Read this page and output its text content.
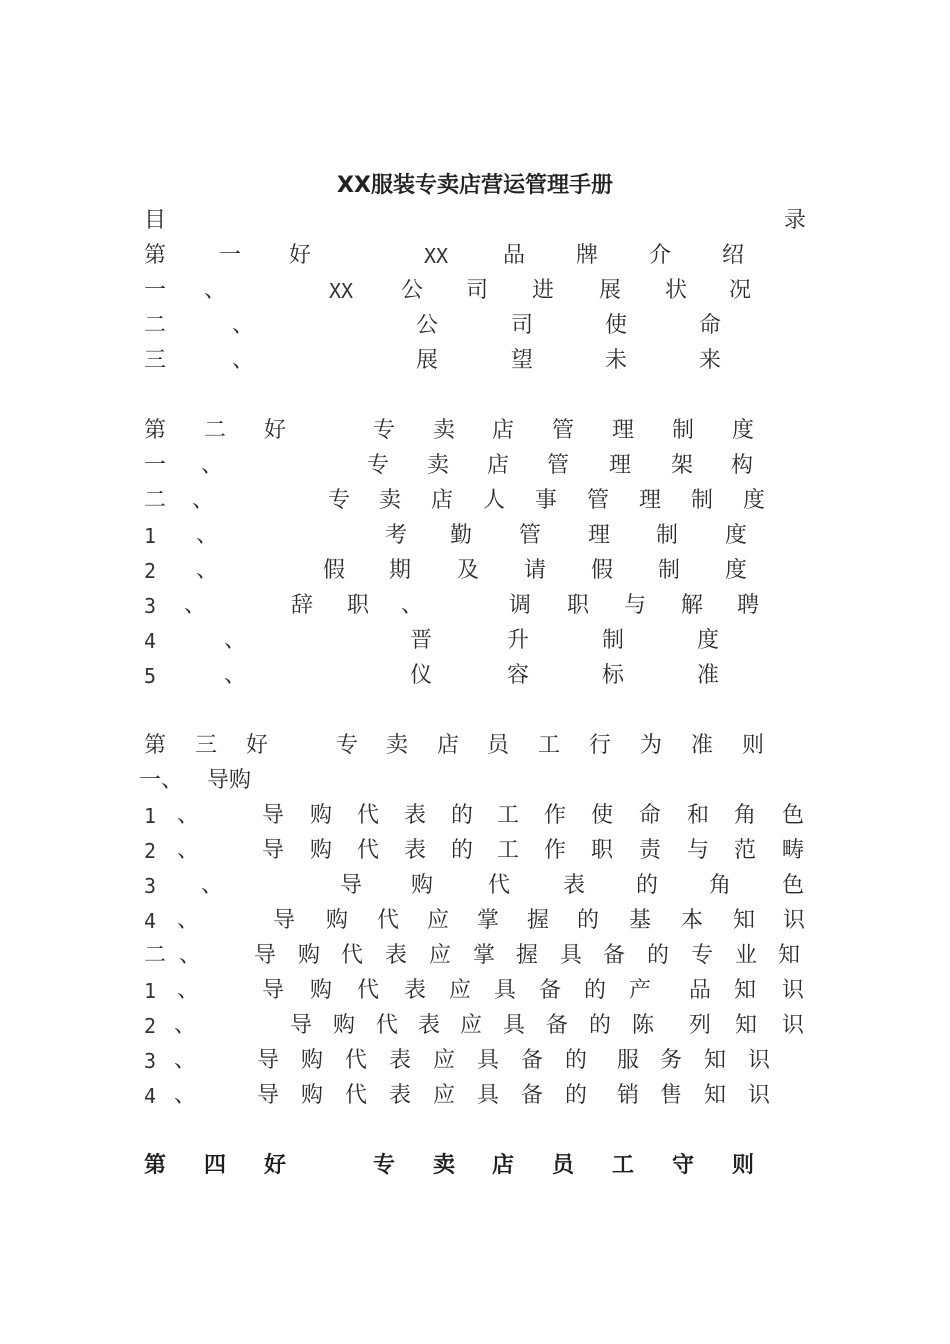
XX服装专卖店营运管理手册
目	录
第 一 好	XX 品 牌 介 绍
一 、	XX 公 司 进 展 状 况
二	、	公	司	使	命
三	、	展	望	未	来
第 二 好	专 卖 店 管 理 制 度
一 、	专 卖 店 管 理 架 构
二 、	专 卖 店 人 事 管 理 制 度
1 、	考 勤 管 理 制 度
2 、	假 期 及 请 假 制 度
3 、	辞 职 、	调 职 与 解 聘
4	、	晋	升	制	度
5	、	仪	容	标	准
第 三 好	专 卖 店 员 工 行 为 准 则
一、 导购
1 、	导 购 代 表 的 工 作 使 命 和 角 色
2 、	导 购 代 表 的 工 作 职 责 与 范 畴
3 、	导 购 代 表 的 角 色
4 、	导 购 代 应 掌 握 的 基 本 知 识
二 、 导 购 代 表 应 掌 握 具 备 的 专 业 知
1 、	导 购 代 表 应 具 备 的 产 品 知 识
2 、	导 购 代 表 应 具 备 的 陈 列 知 识
3 、	导 购 代 表 应 具 备 的 服 务 知 识
4 、	导 购 代 表 应 具 备 的 销 售 知 识
第 四 好	专 卖 店 员 工 守 则
